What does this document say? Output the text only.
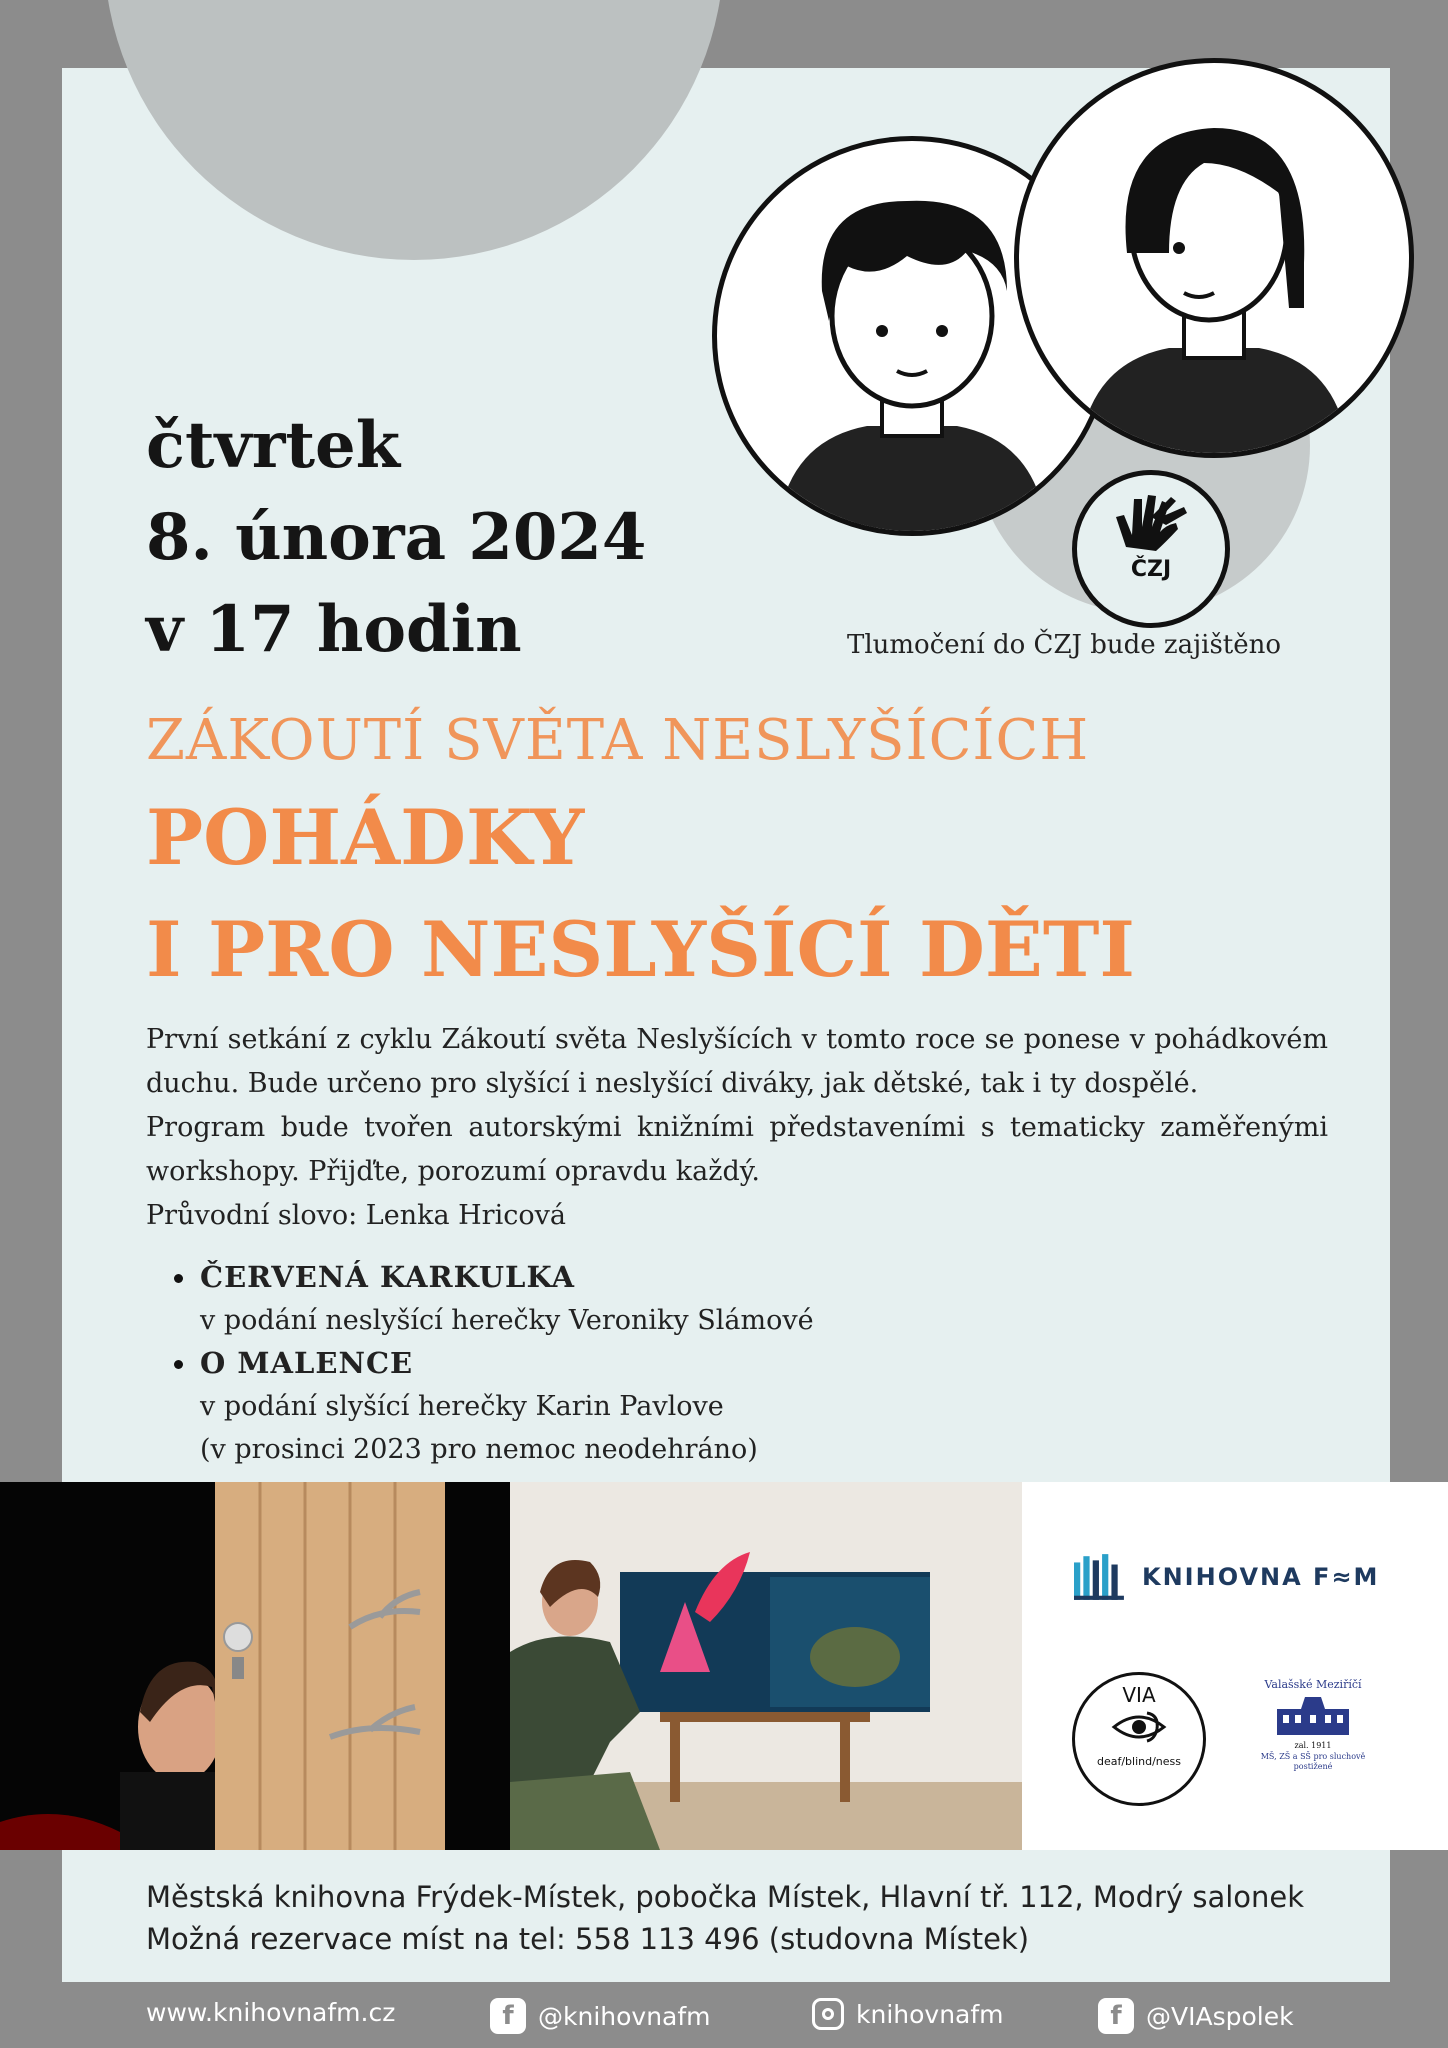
ČZJ
Tlumočení do ČZJ bude zajištěno
čtvrtek
8. února 2024
v 17 hodin
ZÁKOUTÍ SVĚTA NESLYŠÍCÍCH
POHÁDKY
I PRO NESLYŠÍCÍ DĚTI

První setkání z cyklu Zákoutí světa Neslyšících v tomto roce se ponese v pohádkovém duchu. Bude určeno pro slyšící i neslyšící diváky, jak dětské, tak i ty dospělé.

Program bude tvořen autorskými knižními představeními s tematicky zaměřenými workshopy. Přijďte, porozumí opravdu každý.

Průvodní slovo: Lenka Hricová

ČERVENÁ KARKULKA
v podání neslyšící herečky Veroniky Slámové
O MALENCE
v podání slyšící herečky Karin Pavlove
(v prosinci 2023 pro nemoc neodehráno)
KNIHOVNA F≈M
VIA
deaf/blind/ness
Valašské Meziříčí
zal. 1911
MŠ, ZŠ a SŠ pro sluchově postižené
Městská knihovna Frýdek-Místek, pobočka Místek, Hlavní tř. 112, Modrý salonek
Možná rezervace míst na tel: 558 113 496 (studovna Místek)
www.knihovnafm.cz	f @knihovnafm	knihovnafm	f @VIAspolek
